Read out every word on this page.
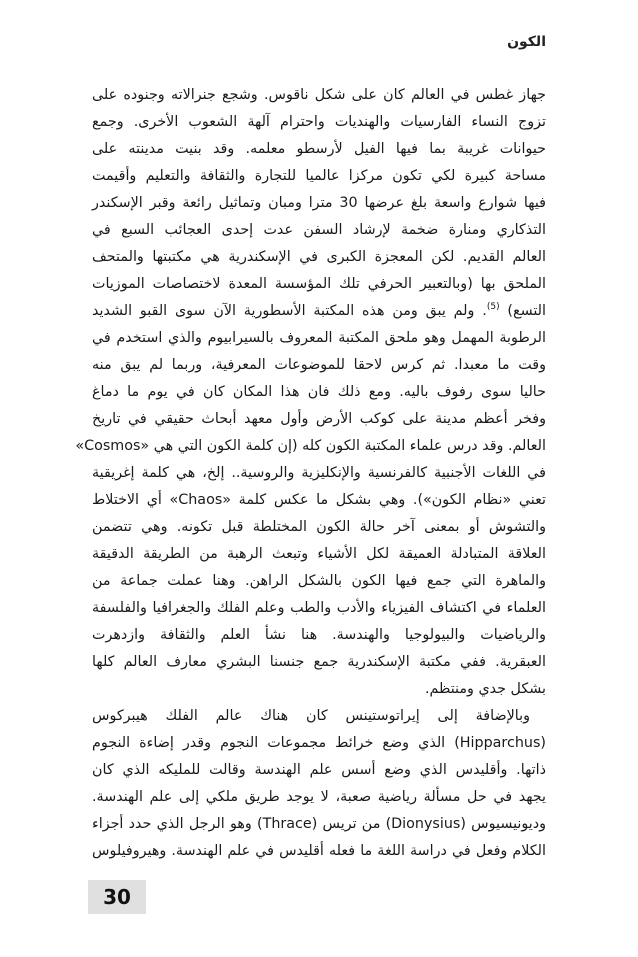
الكون
جهاز غطس في العالم كان على شكل ناقوس. وشجع جنرالاته وجنوده على
تزوج النساء الفارسيات والهنديات واحترام آلهة الشعوب الأخرى. وجمع
حيوانات غريبة بما فيها الفيل لأرسطو معلمه. وقد بنيت مدينته على
مساحة كبيرة لكي تكون مركزا عالميا للتجارة والثقافة والتعليم وأقيمت
فيها شوارع واسعة بلغ عرضها 30 مترا ومبان وتماثيل رائعة وقبر الإسكندر
التذكاري ومنارة ضخمة لإرشاد السفن عدت إحدى العجائب السبع في
العالم القديم. لكن المعجزة الكبرى في الإسكندرية هي مكتبتها والمتحف
الملحق بها (وبالتعبير الحرفي تلك المؤسسة المعدة لاختصاصات الموزيات
التسع) $^{(5)}$. ولم يبق ومن هذه المكتبة الأسطورية الآن سوى القبو الشديد
الرطوبة المهمل وهو ملحق المكتبة المعروف بالسيرابيوم والذي استخدم في
وقت ما معبدا. ثم كرس لاحقا للموضوعات المعرفية، وربما لم يبق منه
حاليا سوى رفوف باليه. ومع ذلك فان هذا المكان كان في يوم ما دماغ
وفخر أعظم مدينة على كوكب الأرض وأول معهد أبحاث حقيقي في تاريخ
العالم. وقد درس علماء المكتبة الكون كله (إن كلمة الكون التي هي «Cosmos»
في اللغات الأجنبية كالفرنسية والإنكليزية والروسية.. إلخ، هي كلمة إغريقية
تعني «نظام الكون»). وهي بشكل ما عكس كلمة «Chaos» أي الاختلاط
والتشوش أو بمعنى آخر حالة الكون المختلطة قبل تكونه. وهي تتضمن
العلاقة المتبادلة العميقة لكل الأشياء وتبعث الرهبة من الطريقة الدقيقة
والماهرة التي جمع فيها الكون بالشكل الراهن. وهنا عملت جماعة من
العلماء في اكتشاف الفيزياء والأدب والطب وعلم الفلك والجغرافيا والفلسفة
والرياضيات والبيولوجيا والهندسة. هنا نشأ العلم والثقافة وازدهرت
العبقرية. ففي مكتبة الإسكندرية جمع جنسنا البشري معارف العالم كلها
بشكل جدي ومنتظم.
وبالإضافة إلى إيراتوستينس كان هناك عالم الفلك هيبركوس
(Hipparchus) الذي وضع خرائط مجموعات النجوم وقدر إضاءة النجوم
ذاتها. وأقليدس الذي وضع أسس علم الهندسة وقالت للمليكه الذي كان
يجهد في حل مسألة رياضية صعبة، لا يوجد طريق ملكي إلى علم الهندسة.
وديونيسيوس (Dionysius) من تريس (Thrace) وهو الرجل الذي حدد أجزاء
الكلام وفعل في دراسة اللغة ما فعله أقليدس في علم الهندسة. وهيروفيلوس
30
